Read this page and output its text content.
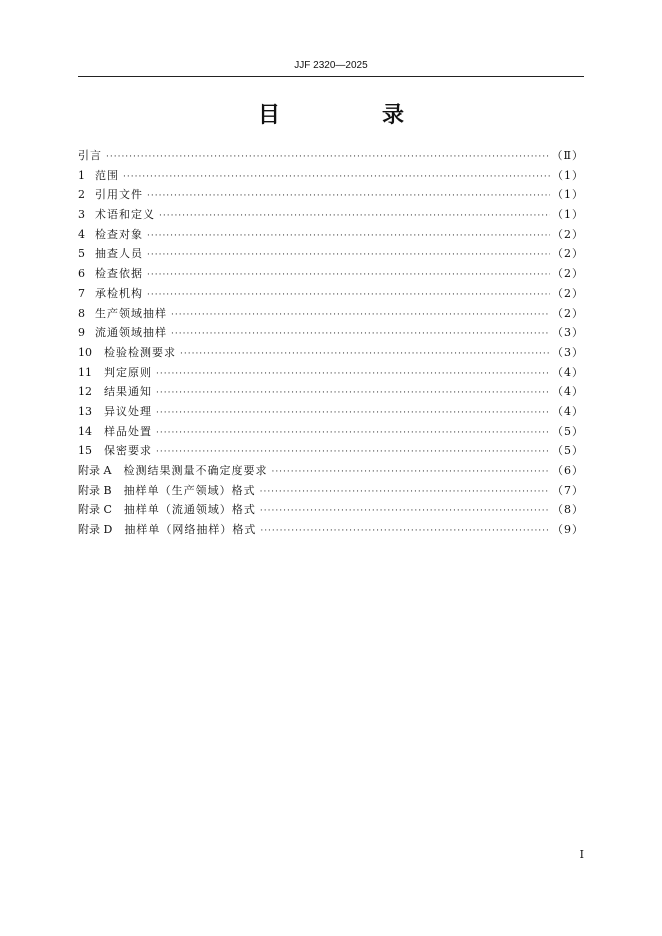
JJF 2320—2025
目　录
引言 ·····	（Ⅱ）
1 范围 ·····	（1）
2 引用文件 ·····	（1）
3 术语和定义 ·····	（1）
4 检查对象 ·····	（2）
5 抽查人员 ·····	（2）
6 检查依据 ·····	（2）
7 承检机构 ·····	（2）
8 生产领域抽样 ·····	（2）
9 流通领域抽样 ·····	（3）
10	检验检测要求 ·····	（3）
11	判定原则 ·····	（4）
12	结果通知 ·····	（4）
13	异议处理 ·····	（4）
14	样品处置 ·····	（5）
15	保密要求 ·····	（5）
附录 A	检测结果测量不确定度要求 ·····	（6）
附录 B	抽样单（生产领域）格式 ·····	（7）
附录 C	抽样单（流通领域）格式 ·····	（8）
附录 D	抽样单（网络抽样）格式 ·····	（9）
I
